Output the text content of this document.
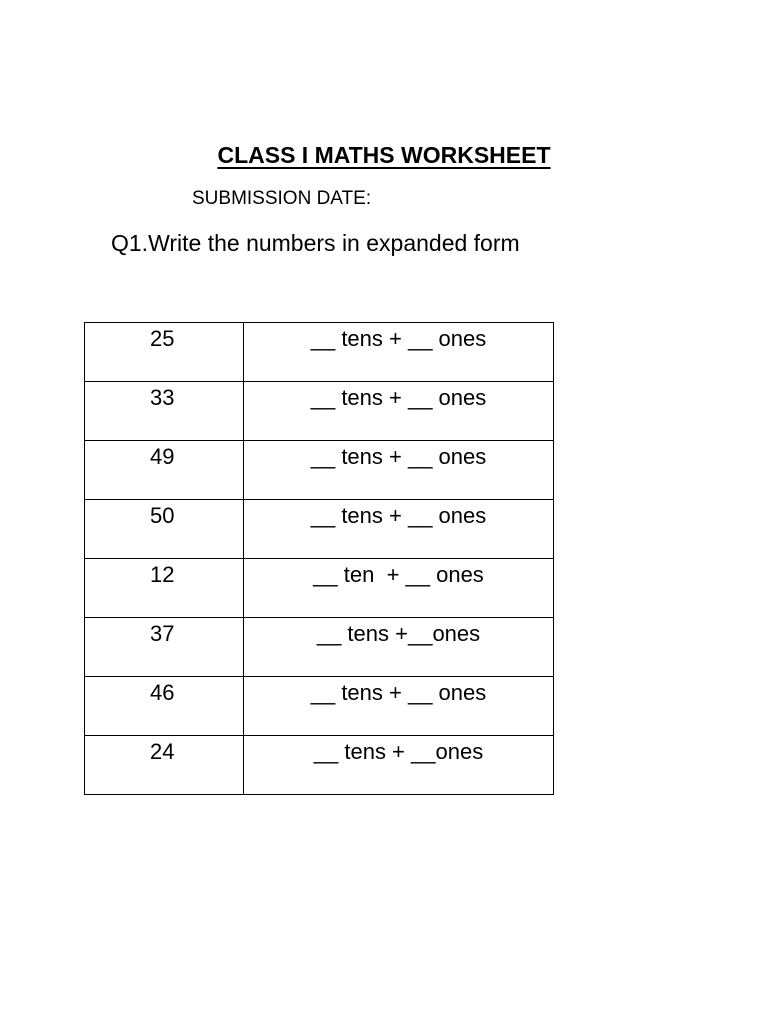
CLASS I MATHS WORKSHEET
SUBMISSION DATE:
Q1.Write the numbers in expanded form
25	__ tens + __ ones
33	__ tens + __ ones
49	__ tens + __ ones
50	__ tens + __ ones
12	__ ten  + __ ones
37	__ tens +__ones
46	__ tens + __ ones
24	__ tens + __ones
